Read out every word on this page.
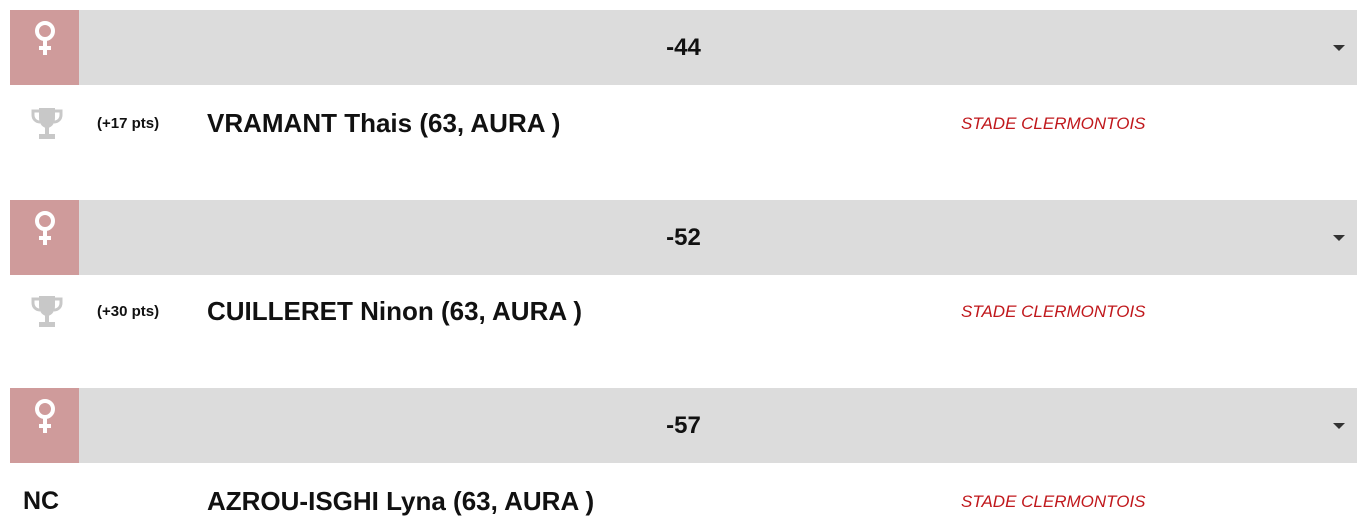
-44
(+17 pts) VRAMANT Thais (63, AURA )	STADE CLERMONTOIS
-52
(+30 pts) CUILLERET Ninon (63, AURA )	STADE CLERMONTOIS
-57
NC	AZROU-ISGHI Lyna (63, AURA )	STADE CLERMONTOIS
